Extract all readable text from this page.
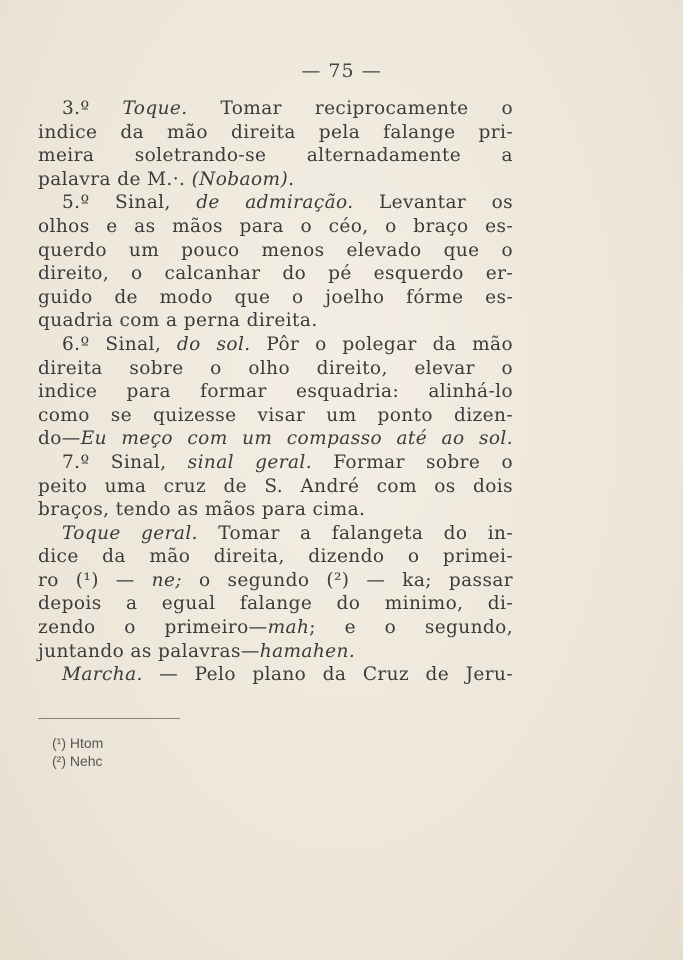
— 75 —
3.º Toque. Tomar reciprocamente o
indice da mão direita pela falange pri-
meira soletrando-se alternadamente a
palavra de M.·. (Nobaom).
5.º Sinal, de admiração. Levantar os
olhos e as mãos para o céo, o braço es-
querdo um pouco menos elevado que o
direito, o calcanhar do pé esquerdo er-
guido de modo que o joelho fórme es-
quadria com a perna direita.
6.º Sinal, do sol. Pôr o polegar da mão
direita sobre o olho direito, elevar o
indice para formar esquadria: alinhá-lo
como se quizesse visar um ponto dizen-
do—Eu meço com um compasso até ao sol.
7.º Sinal, sinal geral. Formar sobre o
peito uma cruz de S. André com os dois
braços, tendo as mãos para cima.
Toque geral. Tomar a falangeta do in-
dice da mão direita, dizendo o primei-
ro (¹) — ne; o segundo (²) — ka; passar
depois a egual falange do minimo, di-
zendo o primeiro—mah; e o segundo,
juntando as palavras—hamahen.
Marcha. — Pelo plano da Cruz de Jeru-
(¹) Htom
(²) Nehc
